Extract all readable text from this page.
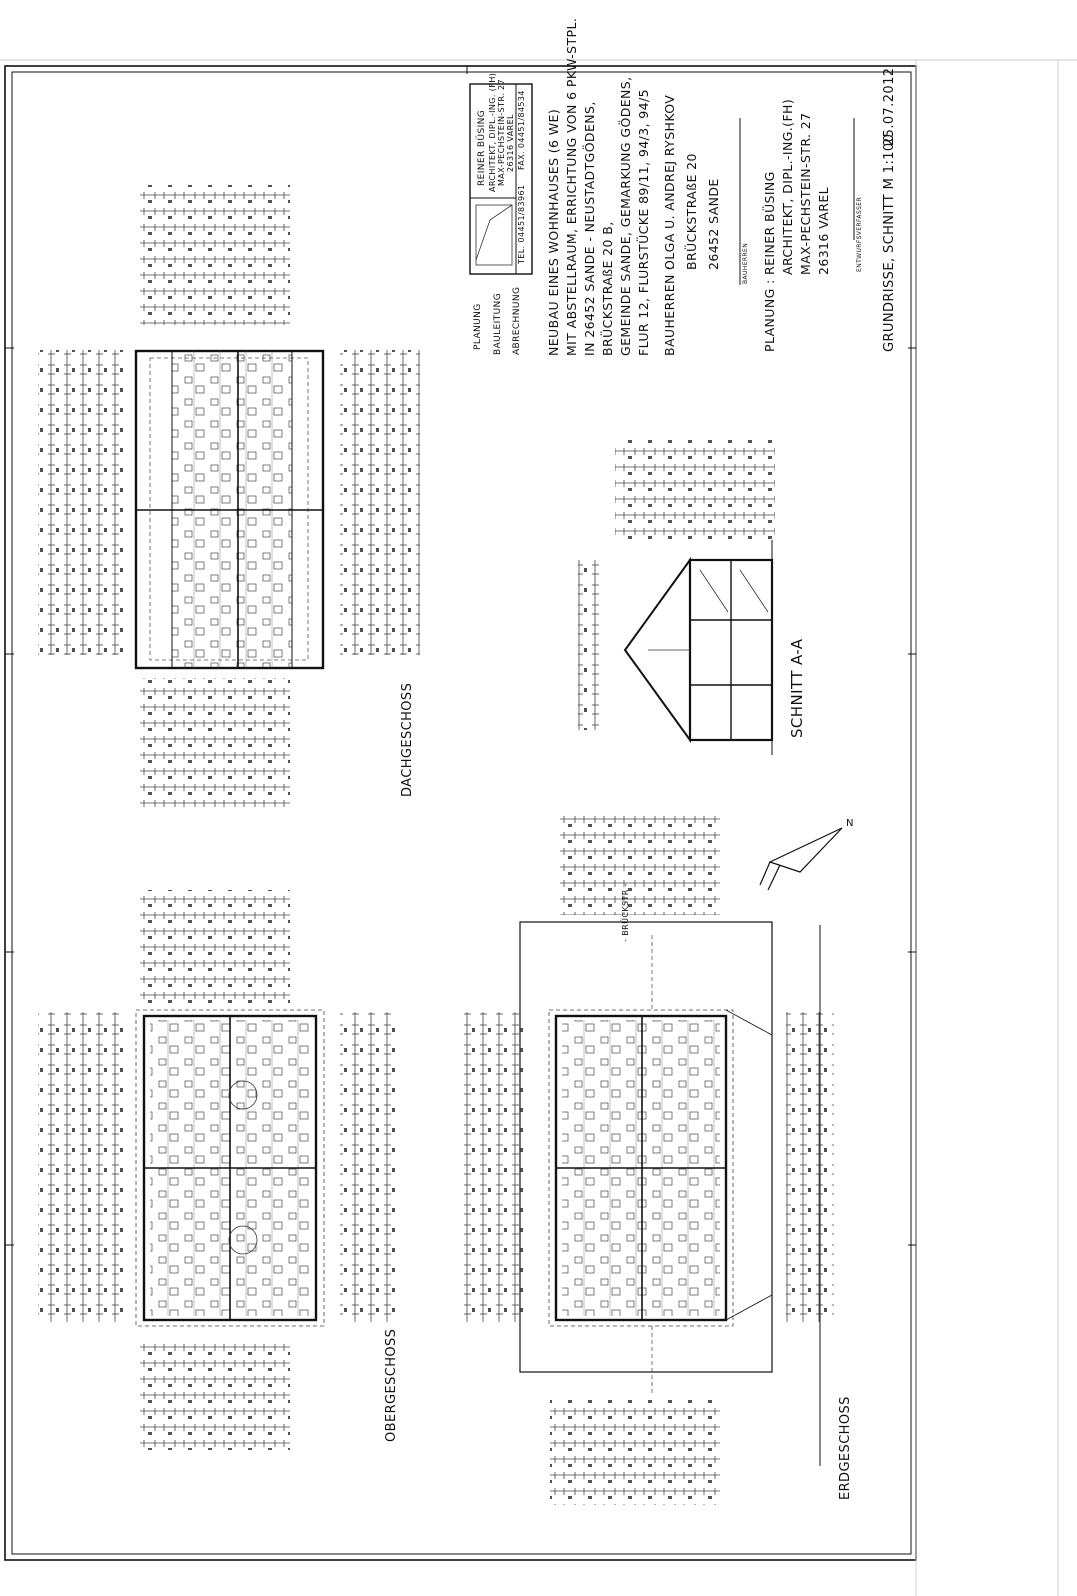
N
DACHGESCHOSS
OBERGESCHOSS
ERDGESCHOSS
SCHNITT A-A
- BRÜCKSTR -
REINER BÜSING ARCHITEKT, DIPL.-ING. (FH) MAX-PECHSTEIN-STR. 27 26316 VAREL
TEL. 04451/83961
FAX. 04451/84534
PLANUNG BAULEITUNG ABRECHNUNG NEUBAU EINES WOHNHAUSES (6 WE) MIT ABSTELLRAUM, ERRICHTUNG VON 6 PKW-STPL. IN 26452 SANDE - NEUSTADTGÖDENS, BRÜCKSTRAßE 20 B, GEMEINDE SANDE, GEMARKUNG GÖDENS, FLUR 12, FLURSTÜCKE 89/11, 94/3, 94/5 BAUHERREN :
OLGA U. ANDREJ RYSHKOV BRÜCKSTRAßE 20 26452 SANDE	BAUHERREN
PLANUNG :
REINER BÜSING ARCHITEKT, DIPL.-ING.(FH) MAX-PECHSTEIN-STR. 27 26316 VAREL	ENTWURFSVERFASSER GRUNDRISSE, SCHNITT M 1:100
25.07.2012
